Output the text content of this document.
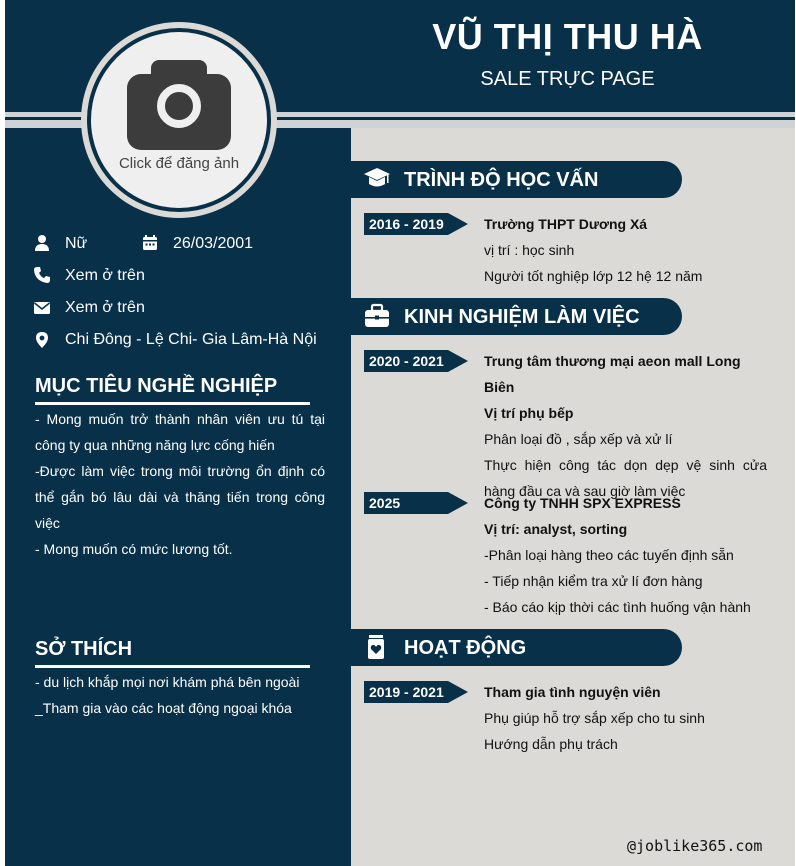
VŨ THỊ THU HÀ
SALE TRỰC PAGE
Click để đăng ảnh
Nữ	26/03/2001
Xem ở trên
Xem ở trên
Chi Đông - Lệ Chi- Gia Lâm-Hà Nội
MỤC TIÊU NGHỀ NGHIỆP
- Mong muốn trở thành nhân viên ưu tú tại công ty qua những năng lực cống hiến
-Được làm việc trong môi trường ổn định có thể gắn bó lâu dài và thăng tiến trong công việc
- Mong muốn có mức lương tốt.
SỞ THÍCH
- du lịch khắp mọi nơi khám phá bên ngoài
_Tham gia vào các hoạt động ngoại khóa
TRÌNH ĐỘ HỌC VẤN
2016 - 2019	Trường THPT Dương Xá
vị trí : học sinh
Người tốt nghiệp lớp 12 hệ 12 năm
KINH NGHIỆM LÀM VIỆC
2020 - 2021	Trung tâm thương mại aeon mall Long Biên
Vị trí phụ bếp
Phân loại đồ , sắp xếp và xử lí
Thực hiện công tác dọn dẹp vệ sinh cửa hàng đầu ca và sau giờ làm việc
2025	Công ty TNHH SPX EXPRESS
Vị trí: analyst, sorting
-Phân loại hàng theo các tuyến định sẵn
- Tiếp nhận kiểm tra xử lí đơn hàng
- Báo cáo kịp thời các tình huống vận hành
HOẠT ĐỘNG
2019 - 2021	Tham gia tình nguyện viên
Phụ giúp hỗ trợ sắp xếp cho tu sinh
Hướng dẫn phụ trách
@joblike365.com
